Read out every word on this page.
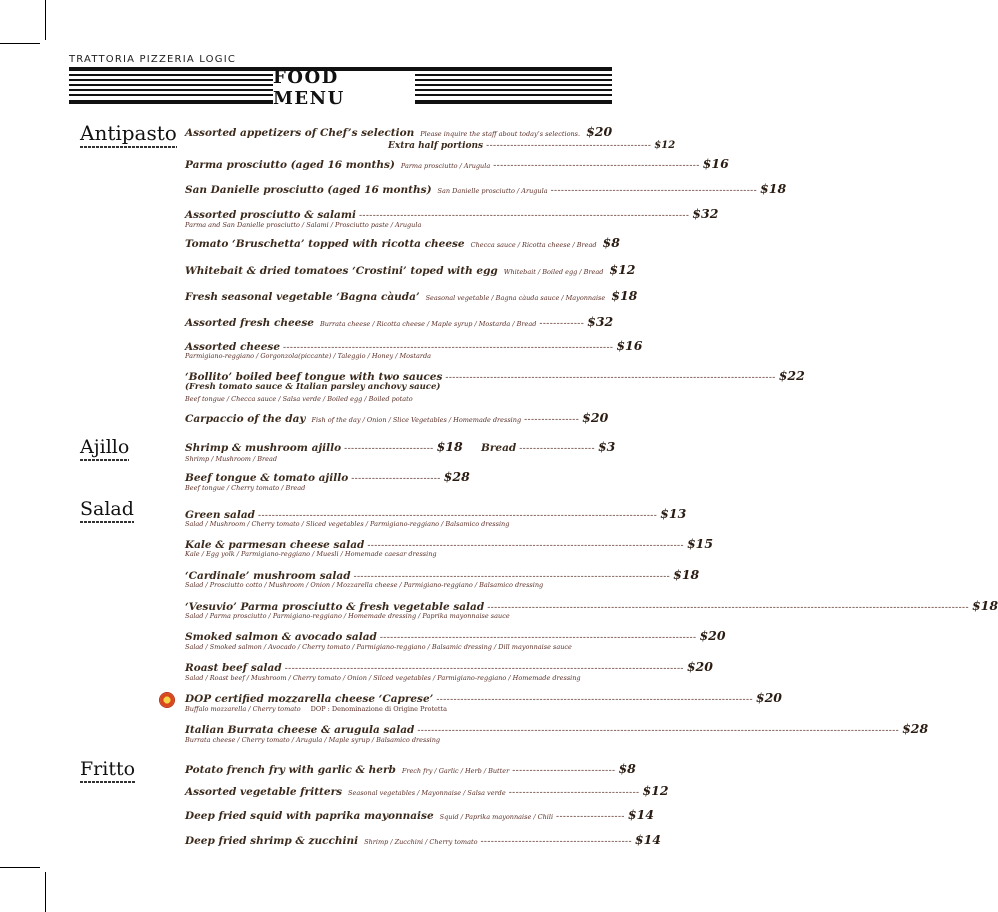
TRATTORIA PIZZERIA LOGIC
FOOD MENU
Antipasto
Ajillo
Salad
Fritto
Assorted appetizers of Chef’s selection Please inquire the staff about today’s selections. $20
Extra half portions ------------------------------------------------ $12
Parma prosciutto (aged 16 months) Parma prosciutto / Arugula ------------------------------------------------------------ $16
San Danielle prosciutto (aged 16 months) San Danielle prosciutto / Arugula ------------------------------------------------------------ $18
Assorted prosciutto & salami ------------------------------------------------------------------------------------------------ $32
Parma and San Danielle prosciutto / Salami / Prosciutto paste / Arugula
Tomato ‘Bruschetta’ topped with ricotta cheese Checca sauce / Ricotta cheese / Bread $8
Whitebait & dried tomatoes ‘Crostini’ toped with egg Whitebait / Boiled egg / Bread $12
Fresh seasonal vegetable ‘Bagna càuda’ Seasonal vegetable / Bagna càuda sauce / Mayonnaise $18
Assorted fresh cheese Burrata cheese / Ricotta cheese / Maple syrup / Mostarda / Bread ------------- $32
Assorted cheese ------------------------------------------------------------------------------------------------ $16
Parmigiano-reggiano / Gorgonzola(piccante) / Taleggio / Honey / Mostarda
‘Bollito’ boiled beef tongue with two sauces ------------------------------------------------------------------------------------------------ $22
(Fresh tomato sauce & Italian parsley anchovy sauce)
Beef tongue / Checca sauce / Salsa verde / Boiled egg / Boiled potato
Carpaccio of the day Fish of the day / Onion / Slice Vegetables / Homemade dressing ---------------- $20
Shrimp & mushroom ajillo -------------------------- $18 Bread ---------------------- $3
Shrimp / Mushroom / Bread
Beef tongue & tomato ajillo -------------------------- $28
Beef tongue / Cherry tomato / Bread
Green salad -------------------------------------------------------------------------------------------------------------------- $13
Salad / Mushroom / Cherry tomato / Sliced vegetables / Parmigiano-reggiano / Balsamico dressing
Kale & parmesan cheese salad -------------------------------------------------------------------------------------------- $15
Kale / Egg yolk / Parmigiano-reggiano / Muesli / Homemade caesar dressing
‘Cardinale’ mushroom salad -------------------------------------------------------------------------------------------- $18
Salad / Prosciutto cotto / Mushroom / Onion / Mozzarella cheese / Parmigiano-reggiano / Balsamico dressing
‘Vesuvio’ Parma prosciutto & fresh vegetable salad -------------------------------------------------------------------------------------------------------------------------------------------- $18
Salad / Parma prosciutto / Parmigiano-reggiano / Homemade dressing / Paprika mayonnaise sauce
Smoked salmon & avocado salad -------------------------------------------------------------------------------------------- $20
Salad / Smoked salmon / Avocado / Cherry tomato / Parmigiano-reggiano / Balsamic dressing / Dill mayonnaise sauce
Roast beef salad -------------------------------------------------------------------------------------------------------------------- $20
Salad / Roast beef / Mushroom / Cherry tomato / Onion / Silced vegetables / Parmigiano-reggiano / Homemade dressing
DOP certified mozzarella cheese ‘Caprese’ -------------------------------------------------------------------------------------------- $20
Buffalo mozzarella / Cherry tomato DOP : Denominazione di Origine Protetta
Italian Burrata cheese & arugula salad -------------------------------------------------------------------------------------------------------------------------------------------- $28
Burrata cheese / Cherry tomato / Arugula / Maple syrup / Balsamico dressing
Potato french fry with garlic & herb Frech fry / Garlic / Herb / Butter ------------------------------ $8
Assorted vegetable fritters Seasonal vegetables / Mayonnaise / Salsa verde -------------------------------------- $12
Deep fried squid with paprika mayonnaise Squid / Paprika mayonnaise / Chili -------------------- $14
Deep fried shrimp & zucchini Shrimp / Zucchini / Cherry tomato -------------------------------------------- $14
